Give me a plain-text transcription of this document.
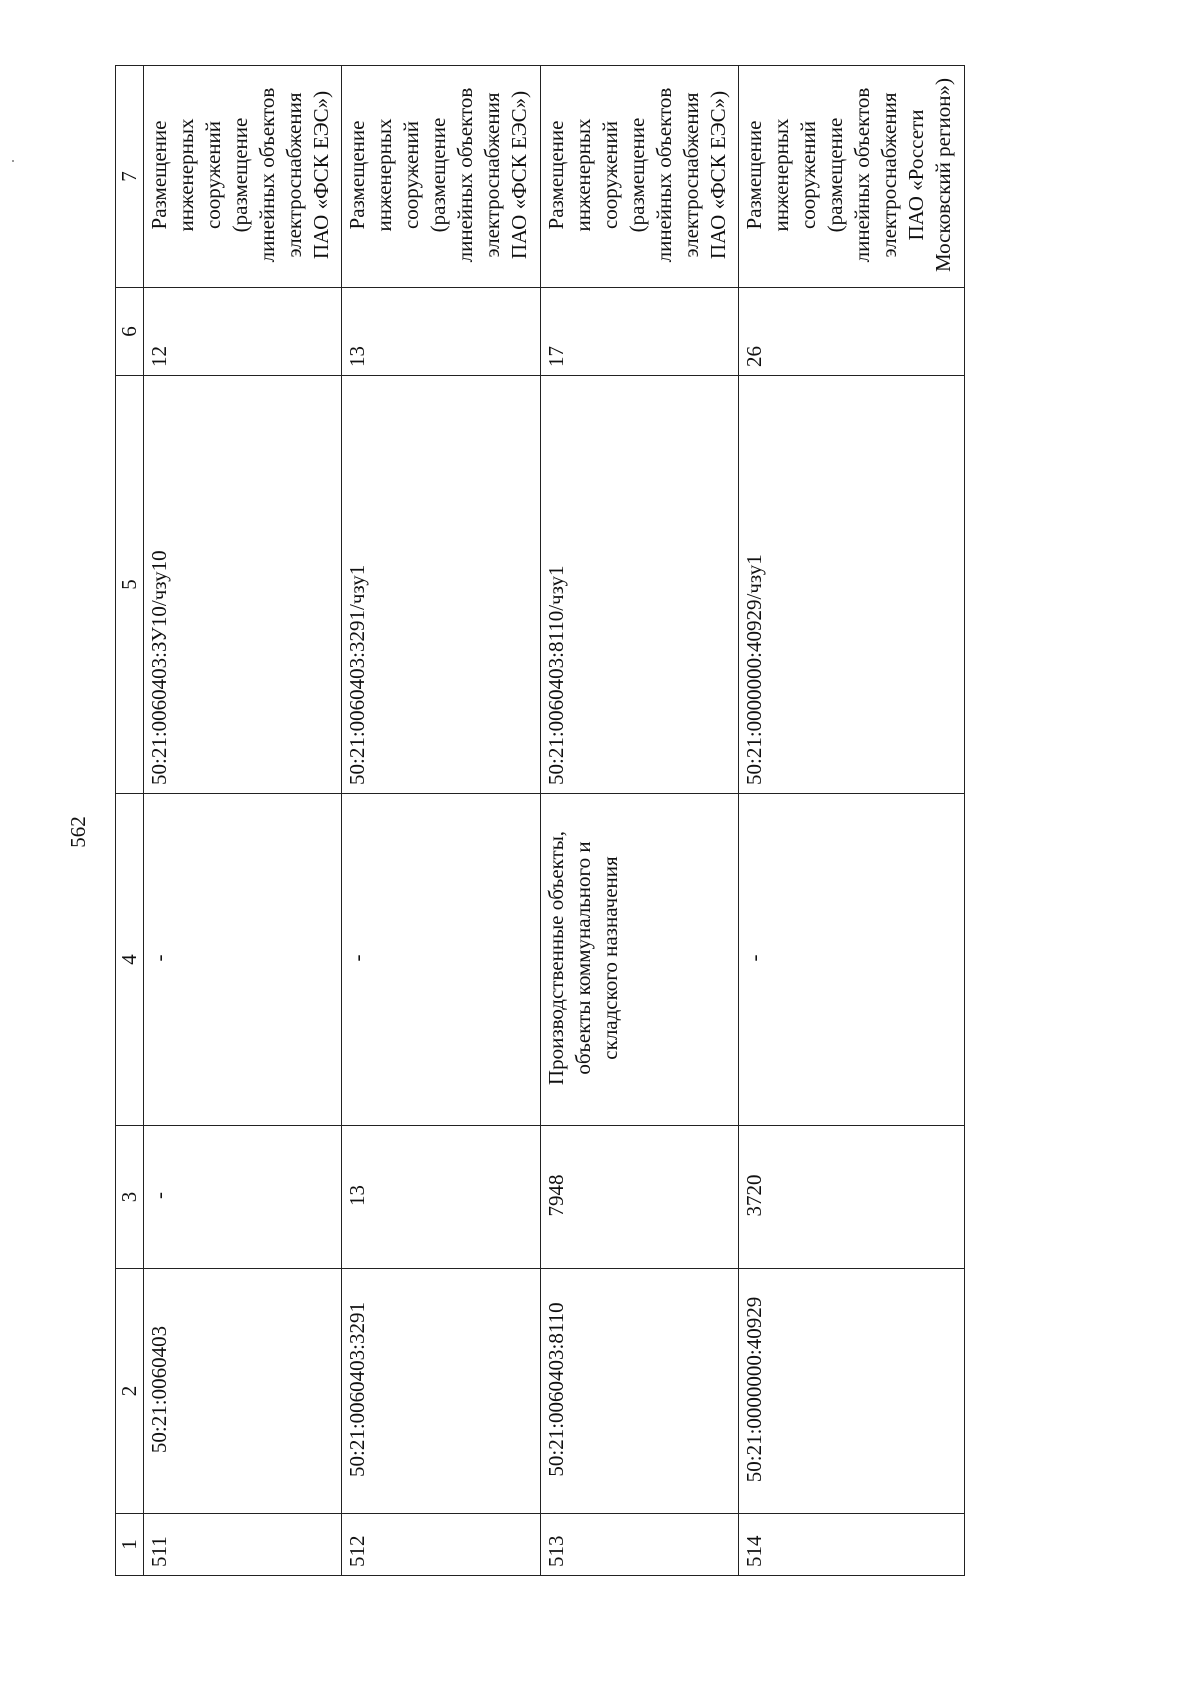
562
1	2	3	4	5	6	7
511	50:21:0060403	-	-	50:21:0060403:ЗУ10/чзу10	12	Размещение инженерных сооружений (размещение линейных объектов электроснабжения ПАО «ФСК ЕЭС»)
512	50:21:0060403:3291	13	-	50:21:0060403:3291/чзу1	13	Размещение инженерных сооружений (размещение линейных объектов электроснабжения ПАО «ФСК ЕЭС»)
513	50:21:0060403:8110	7948	Производственные объекты, объекты коммунального и складского назначения	50:21:0060403:8110/чзу1	17	Размещение инженерных сооружений (размещение линейных объектов электроснабжения ПАО «ФСК ЕЭС»)
514	50:21:0000000:40929	3720	-	50:21:0000000:40929/чзу1	26	Размещение инженерных сооружений (размещение линейных объектов электроснабжения ПАО «Россети Московский регион»)
